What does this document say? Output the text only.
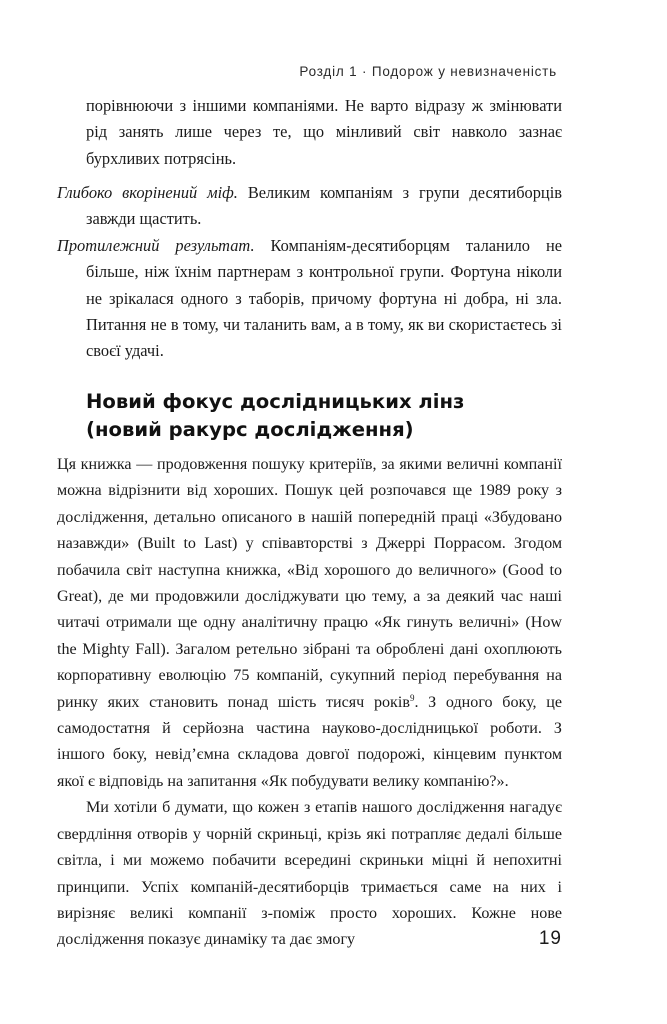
Розділ 1 · Подорож у невизначеність

порівнюючи з іншими компаніями. Не варто відразу ж змінювати рід занять лише через те, що мінливий світ навколо зазнає бурхливих потрясінь.

Глибоко вкорінений міф. Великим компаніям з групи десятиборців завжди щастить.

Протилежний результат. Компаніям-десятиборцям таланило не більше, ніж їхнім партнерам з контрольної групи. Фортуна ніколи не зрікалася одного з таборів, причому фортуна ні добра, ні зла. Питання не в тому, чи таланить вам, а в тому, як ви скористаєтесь зі своєї удачі.

Новий фокус дослідницьких лінз
(новий ракурс дослідження)

Ця книжка — продовження пошуку критеріїв, за якими величні компанії можна відрізнити від хороших. Пошук цей розпочався ще 1989 року з дослідження, детально описаного в нашій попередній праці «Збудовано назавжди» (Built to Last) у співавторстві з Джеррі Поррасом. Згодом побачила світ наступна книжка, «Від хорошого до величного» (Good to Great), де ми продовжили досліджувати цю тему, а за деякий час наші читачі отримали ще одну аналітичну працю «Як гинуть величні» (How the Mighty Fall). Загалом ретельно зібрані та оброблені дані охоплюють корпоративну еволюцію 75 компаній, сукупний період перебування на ринку яких становить понад шість тисяч років$^9$. З одного боку, це самодостатня й серйозна частина науково-дослідницької роботи. З іншого боку, невід’ємна складова довгої подорожі, кінцевим пунктом якої є відповідь на запитання «Як побудувати велику компанію?».

Ми хотіли б думати, що кожен з етапів нашого дослідження нагадує свердління отворів у чорній скриньці, крізь які потрапляє дедалі більше світла, і ми можемо побачити всередині скриньки міцні й непохитні принципи. Успіх компаній-десятиборців тримається саме на них і вирізняє великі компанії з-поміж просто хороших. Кожне нове дослідження показує динаміку та дає змогу	19
